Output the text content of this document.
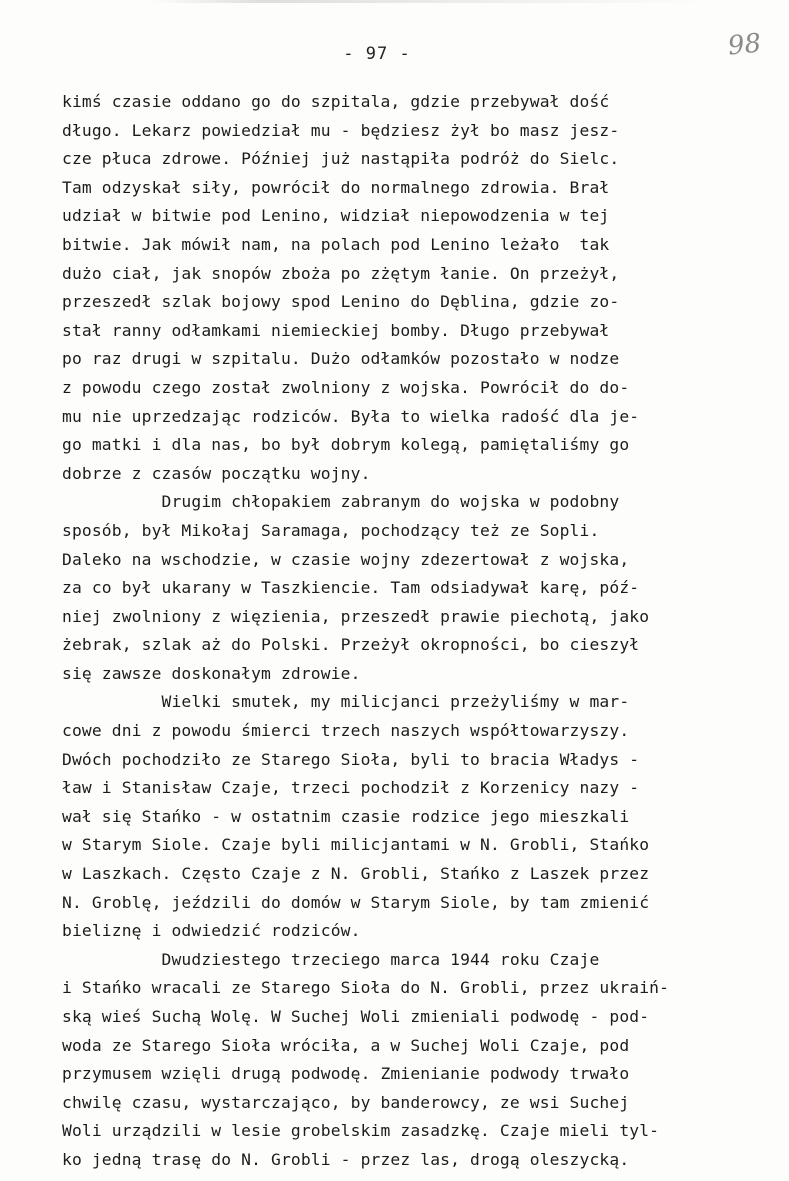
- 97 -	98
kimś czasie oddano go do szpitala, gdzie przebywał dość
długo. Lekarz powiedział mu - będziesz żył bo masz jesz-
cze płuca zdrowe. Później już nastąpiła podróż do Sielc.
Tam odzyskał siły, powrócił do normalnego zdrowia. Brał
udział w bitwie pod Lenino, widział niepowodzenia w tej
bitwie. Jak mówił nam, na polach pod Lenino leżało  tak
dużo ciał, jak snopów zboża po zżętym łanie. On przeżył,
przeszedł szlak bojowy spod Lenino do Dęblina, gdzie zo-
stał ranny odłamkami niemieckiej bomby. Długo przebywał
po raz drugi w szpitalu. Dużo odłamków pozostało w nodze
z powodu czego został zwolniony z wojska. Powrócił do do-
mu nie uprzedzając rodziców. Była to wielka radość dla je-
go matki i dla nas, bo był dobrym kolegą, pamiętaliśmy go
dobrze z czasów początku wojny.
Drugim chłopakiem zabranym do wojska w podobny
sposób, był Mikołaj Saramaga, pochodzący też ze Sopli.
Daleko na wschodzie, w czasie wojny zdezertował z wojska,
za co był ukarany w Taszkiencie. Tam odsiadywał karę, póź-
niej zwolniony z więzienia, przeszedł prawie piechotą, jako
żebrak, szlak aż do Polski. Przeżył okropności, bo cieszył
się zawsze doskonałym zdrowie.
Wielki smutek, my milicjanci przeżyliśmy w mar-
cowe dni z powodu śmierci trzech naszych współtowarzyszy.
Dwóch pochodziło ze Starego Sioła, byli to bracia Władys -
ław i Stanisław Czaje, trzeci pochodził z Korzenicy nazy -
wał się Stańko - w ostatnim czasie rodzice jego mieszkali
w Starym Siole. Czaje byli milicjantami w N. Grobli, Stańko
w Laszkach. Często Czaje z N. Grobli, Stańko z Laszek przez
N. Groblę, jeździli do domów w Starym Siole, by tam zmienić
bieliznę i odwiedzić rodziców.
Dwudziestego trzeciego marca 1944 roku Czaje
i Stańko wracali ze Starego Sioła do N. Grobli, przez ukraiń-
ską wieś Suchą Wolę. W Suchej Woli zmieniali podwodę - pod-
woda ze Starego Sioła wróciła, a w Suchej Woli Czaje, pod
przymusem wzięli drugą podwodę. Zmienianie podwody trwało
chwilę czasu, wystarczająco, by banderowcy, ze wsi Suchej
Woli urządzili w lesie grobelskim zasadzkę. Czaje mieli tyl-
ko jedną trasę do N. Grobli - przez las, drogą oleszycką.
